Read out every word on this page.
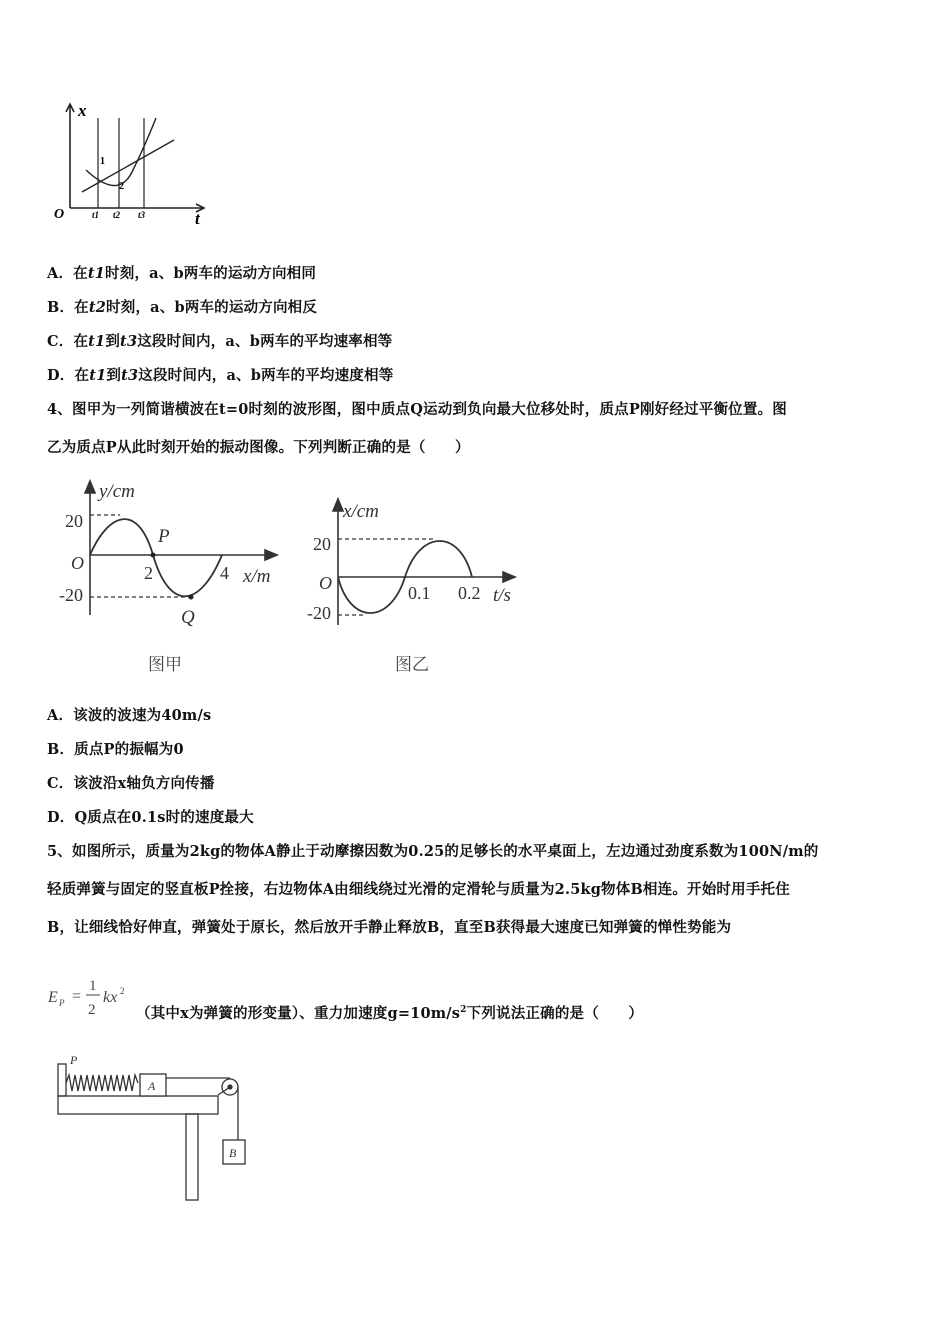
t
x
O	t1 t2 t3
1
2
A．在t1时刻，a、b两车的运动方向相同
B．在t2时刻，a、b两车的运动方向相反
C．在t1到t3这段时间内，a、b两车的平均速率相等
D．在t1到t3这段时间内，a、b两车的平均速度相等
4、图甲为一列简谐横波在t=0时刻的波形图，图中质点Q运动到负向最大位移处时，质点P刚好经过平衡位置。图
乙为质点P从此时刻开始的振动图像。下列判断正确的是（　　）
y/cm
x/m
20
-20
O	2	4
P
Q
图甲
x/cm
t/s
20
-20
O	0.1 0.2
图乙
A．该波的波速为40m/s
B．质点P的振幅为0
C．该波沿x轴负方向传播
D．Q质点在0.1s时的速度最大
5、如图所示，质量为2kg的物体A静止于动摩擦因数为0.25的足够长的水平桌面上，左边通过劲度系数为100N/m的
轻质弹簧与固定的竖直板P拴接，右边物体A由细线绕过光滑的定滑轮与质量为2.5kg物体B相连。开始时用手托住
B，让细线恰好伸直，弹簧处于原长，然后放开手静止释放B，直至B获得最大速度已知弹簧的惮性势能为
E P =
1
2
kx 2
（其中x为弹簧的形变量）、重力加速度$g=10m/s^2$下列说法正确的是（　　）
P
A
B
